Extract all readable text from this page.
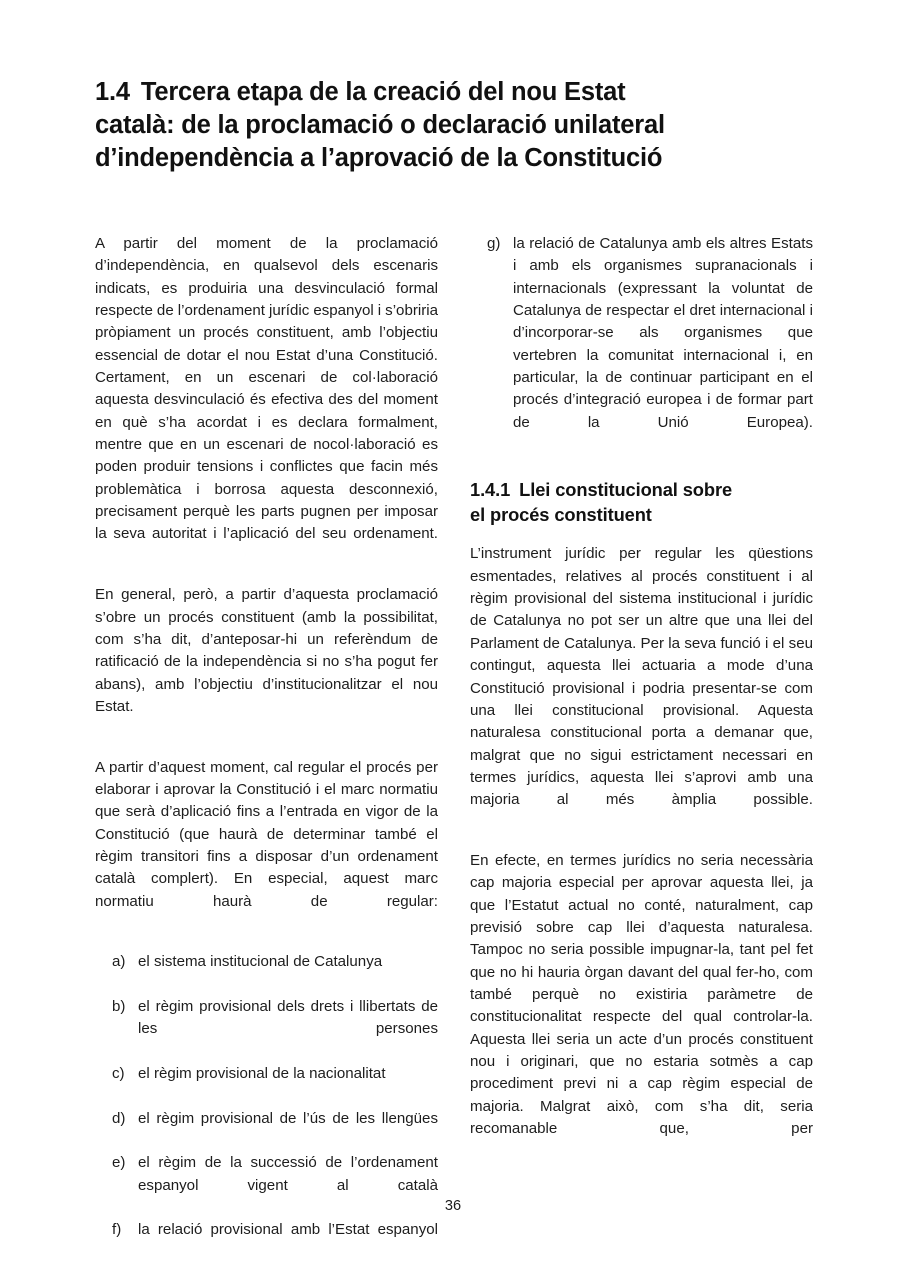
1.4 Tercera etapa de la creació del nou Estat
català: de la proclamació o declaració unilateral
d’independència a l’aprovació de la Constitució

A partir del moment de la proclamació d’independència, en qualsevol dels escenaris indicats, es produiria una desvinculació formal respecte de l’ordenament jurídic espanyol i s’obriria pròpiament un procés constituent, amb l’objectiu essencial de dotar el nou Estat d’una Constitució. Certament, en un escenari de col·laboració aquesta desvinculació és efectiva des del moment en què s’ha acordat i es declara formalment, mentre que en un escenari de nocol·laboració es poden produir tensions i conflictes que facin més problemàtica i borrosa aquesta desconnexió, precisament perquè les parts pugnen per imposar la seva autoritat i l’aplicació del seu ordenament.

En general, però, a partir d’aquesta proclamació s’obre un procés constituent (amb la possibilitat, com s’ha dit, d’anteposar-hi un referèndum de ratificació de la independència si no s’ha pogut fer abans), amb l’objectiu d’institucionalitzar el nou Estat.

A partir d’aquest moment, cal regular el procés per elaborar i aprovar la Constitució i el marc normatiu que serà d’aplicació fins a l’entrada en vigor de la Constitució (que haurà de determinar també el règim transitori fins a disposar d’un ordenament català complert). En especial, aquest marc normatiu haurà de regular:

a) el sistema institucional de Catalunya
b) el règim provisional dels drets i llibertats de les persones
c) el règim provisional de la nacionalitat
d) el règim provisional de l’ús de les llengües
e) el règim de la successió de l’ordenament espanyol vigent al català
f)	la relació provisional amb l’Estat espanyol
g) la relació de Catalunya amb els altres Estats i amb els organismes supranacionals i internacionals (expressant la voluntat de Catalunya de respectar el dret internacional i d’incorporar-se als organismes que vertebren la comunitat internacional i, en particular, la de continuar participant en el procés d’integració europea i de formar part de la Unió Europea).
1.4.1 Llei constitucional sobre
el procés constituent

L’instrument jurídic per regular les qüestions esmentades, relatives al procés constituent i al règim provisional del sistema institucional i jurídic de Catalunya no pot ser un altre que una llei del Parlament de Catalunya. Per la seva funció i el seu contingut, aquesta llei actuaria a mode d’una Constitució provisional i podria presentar-se com una llei constitucional provisional. Aquesta naturalesa constitucional porta a demanar que, malgrat que no sigui estrictament necessari en termes jurídics, aquesta llei s’aprovi amb una majoria al més àmplia possible.

En efecte, en termes jurídics no seria necessària cap majoria especial per aprovar aquesta llei, ja que l’Estatut actual no conté, naturalment, cap previsió sobre cap llei d’aquesta naturalesa. Tampoc no seria possible impugnar-la, tant pel fet que no hi hauria òrgan davant del qual fer-ho, com també perquè no existiria paràmetre de constitucionalitat respecte del qual controlar-la. Aquesta llei seria un acte d’un procés constituent nou i originari, que no estaria sotmès a cap procediment previ ni a cap règim especial de majoria. Malgrat això, com s’ha dit, seria recomanable que, per

36
